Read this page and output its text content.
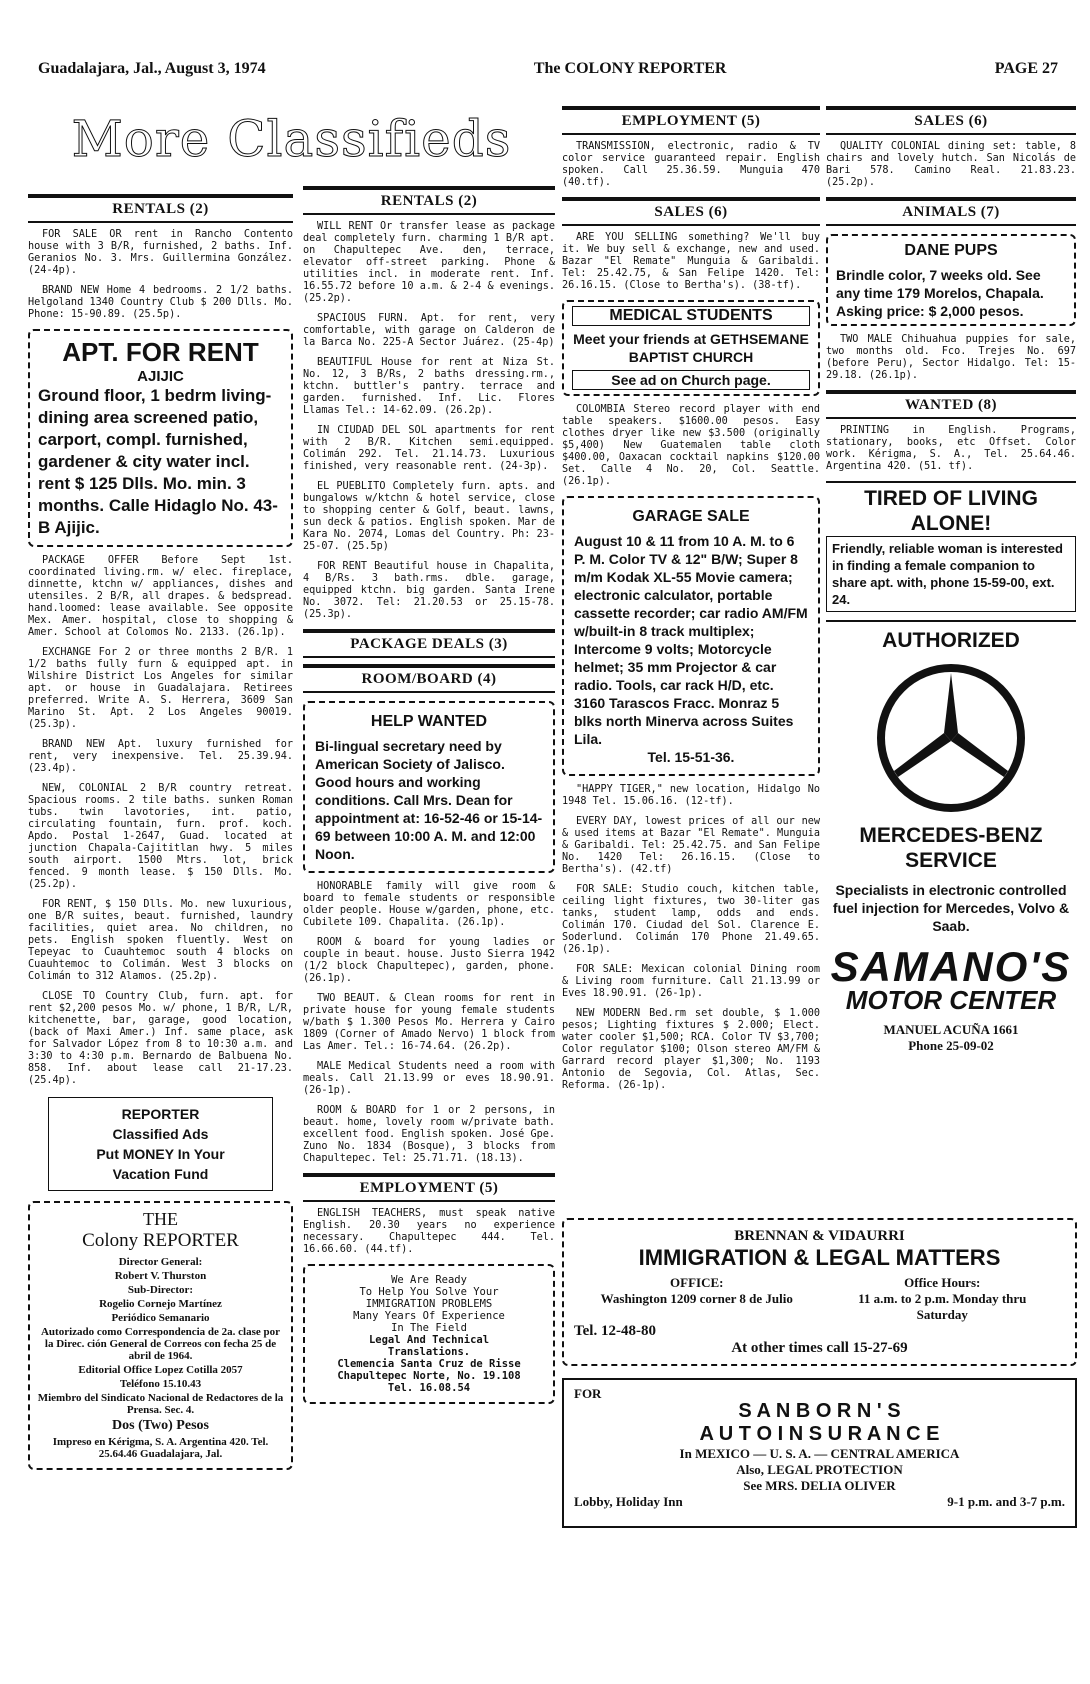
Guadalajara, Jal., August 3, 1974	The COLONY REPORTER	PAGE 27
More Classifieds
RENTALS (2)

FOR SALE OR rent in Rancho Contento house with 3 B/R, furnished, 2 baths. Inf. Geranios No. 3. Mrs. Guillermina González. (24-4p).

BRAND NEW Home 4 bedrooms. 2 1/2 baths. Helgoland 1340 Country Club $ 200 Dlls. Mo. Phone: 15-90.89. (25.5p).

APT. FOR RENT
AJIJIC
Ground floor, 1 bedrm living-dining area screened patio, carport, compl. furnished, gardener & city water incl. rent $ 125 Dlls. Mo. min. 3 months. Calle Hidaglo No. 43-B Ajijic.

PACKAGE OFFER Before Sept 1st. coordinated living.rm. w/ elec. fireplace, dinnette, ktchn w/ appliances, dishes and utensiles. 2 B/R, all drapes. & bedspread. hand.loomed: lease available. See opposite Mex. Amer. hospital, close to shopping & Amer. School at Colomos No. 2133. (26.1p).

EXCHANGE For 2 or three months 2 B/R. 1 1/2 baths fully furn & equipped apt. in Wilshire District Los Angeles for similar apt. or house in Guadalajara. Retirees preferred. Write A. S. Herrera, 3609 San Marino St. Apt. 2 Los Angeles 90019. (25.3p).

BRAND NEW Apt. luxury furnished for rent, very inexpensive. Tel. 25.39.94. (23.4p).

NEW, COLONIAL 2 B/R country retreat. Spacious rooms. 2 tile baths. sunken Roman tubs. twin lavotories, int. patio, circulating fountain, furn. prof. koch. Apdo. Postal 1-2647, Guad. located at junction Chapala-Cajititlan hwy. 5 miles south airport. 1500 Mtrs. lot, brick fenced. 9 month lease. $ 150 Dlls. Mo. (25.2p).

FOR RENT, $ 150 Dlls. Mo. new luxurious, one B/R suites, beaut. furnished, laundry facilities, quiet area. No children, no pets. English spoken fluently. West on Tepeyac to Cuauhtemoc south 4 blocks on Cuauhtemoc to Colimán. West 3 blocks on Colimán to 312 Alamos. (25.2p).

CLOSE TO Country Club, furn. apt. for rent $2,200 pesos Mo. w/ phone, 1 B/R, L/R, kitchenette, bar, garage, good location, (back of Maxi Amer.) Inf. same place, ask for Salvador López from 8 to 10:30 a.m. and 3:30 to 4:30 p.m. Bernardo de Balbuena No. 858. Inf. about lease call 21-17.23. (25.4p).

REPORTER
Classified Ads
Put MONEY In Your
Vacation Fund
THE
Colony REPORTER

Director General:

Robert V. Thurston

Sub-Director:

Rogelio Cornejo Martínez

Periódico Semanario

Autorizado como Correspondencia de 2a. clase por la Direc. ción General de Correos con fecha 25 de abril de 1964.

Editorial Office Lopez Cotilla 2057

Teléfono 15.10.43

Miembro del Sindicato Nacional de Redactores de la Prensa. Sec. 4.

Dos (Two) Pesos

Impreso en Kérigma, S. A. Argentina 420. Tel. 25.64.46 Guadalajara, Jal.

RENTALS (2)

WILL RENT Or transfer lease as package deal completely furn. charming 1 B/R apt. on Chapultepec Ave. den, terrace, elevator off-street parking. Phone & utilities incl. in moderate rent. Inf. 16.55.72 before 10 a.m. & 2-4 & evenings. (25.2p).

SPACIOUS FURN. Apt. for rent, very comfortable, with garage on Calderon de la Barca No. 225-A Sector Juárez. (25-4p)

BEAUTIFUL House for rent at Niza St. No. 12, 3 B/Rs, 2 baths dressing.rm., ktchn. buttler's pantry. terrace and garden. furnished. Inf. Lic. Flores Llamas Tel.: 14-62.09. (26.2p).

IN CIUDAD DEL SOL apartments for rent with 2 B/R. Kitchen semi.equipped. Colimán 292. Tel. 21.14.73. Luxurious finished, very reasonable rent. (24-3p).

EL PUEBLITO Completely furn. apts. and bungalows w/ktchn & hotel service, close to shopping center & Golf, beaut. lawns, sun deck & patios. English spoken. Mar de Kara No. 2074, Lomas del Country. Ph: 23-25-07. (25.5p)

FOR RENT Beautiful house in Chapalita, 4 B/Rs. 3 bath.rms. dble. garage, equipped ktchn. big garden. Santa Irene No. 3072. Tel: 21.20.53 or 25.15-78. (25.3p).

PACKAGE DEALS (3)
ROOM/BOARD (4)
HELP WANTED
Bi-lingual secretary need by American Society of Jalisco. Good hours and working conditions. Call Mrs. Dean for appointment at: 16-52-46 or 15-14-69 between 10:00 A. M. and 12:00 Noon.

HONORABLE family will give room & board to female students or responsible older people. House w/garden, phone, etc. Cubilete 109. Chapalita. (26.1p).

ROOM & board for young ladies or couple in beaut. house. Justo Sierra 1942 (1/2 block Chapultepec), garden, phone. (26.1p).

TWO BEAUT. & Clean rooms for rent in private house for young female students w/bath $ 1.300 Pesos Mo. Herrera y Cairo 1809 (Corner of Amado Nervo) 1 block from Las Amer. Tel.: 16-74.64. (26.2p).

MALE Medical Students need a room with meals. Call 21.13.99 or eves 18.90.91. (26-1p).

ROOM & BOARD for 1 or 2 persons, in beaut. home, lovely room w/private bath. excellent food. English spoken. José Gpe. Zuno No. 1834 (Bosque), 3 blocks from Chapultepec. Tel: 25.71.71. (18.13).

EMPLOYMENT (5)

ENGLISH TEACHERS, must speak native English. 20.30 years no experience necessary. Chapultepec 444. Tel. 16.66.60. (44.tf).

We Are Ready
To Help You Solve Your
IMMIGRATION PROBLEMS
Many Years Of Experience
In The Field
Legal And Technical
Translations.
Clemencia Santa Cruz de Risse
Chapultepec Norte, No. 19.108
Tel. 16.08.54
EMPLOYMENT (5)

TRANSMISSION, electronic, radio & TV color service guaranteed repair. English spoken. Call 25.36.59. Munguia 470 (40.tf).

SALES (6)

ARE YOU SELLING something? We'll buy it. We buy sell & exchange, new and used. Bazar "El Remate" Munguia & Garibaldi. Tel: 25.42.75, & San Felipe 1420. Tel: 26.16.15. (Close to Bertha's). (38-tf).

MEDICAL STUDENTS
Meet your friends at GETHSEMANE BAPTIST CHURCH
See ad on Church page.

COLOMBIA Stereo record player with end table speakers. $1600.00 pesos. Easy clothes dryer like new $3.500 (originally $5,400) New Guatemalen table cloth $400.00, Oaxacan cocktail napkins $120.00 Set. Calle 4 No. 20, Col. Seattle. (26.1p).

GARAGE SALE
August 10 & 11 from 10 A. M. to 6 P. M. Color TV & 12" B/W; Super 8 m/m Kodak XL-55 Movie camera; electronic calculator, portable cassette recorder; car radio AM/FM w/built-in 8 track multiplex; Intercome 9 volts; Motorcycle helmet; 35 mm Projector & car radio. Tools, car rack H/D, etc. 3160 Tarascos Fracc. Monraz 5 blks north Minerva across Suites Lila.
Tel. 15-51-36.

"HAPPY TIGER," new location, Hidalgo No 1948 Tel. 15.06.16. (12-tf).

EVERY DAY, lowest prices of all our new & used items at Bazar "El Remate". Munguia & Garibaldi. Tel: 25.42.75. and San Felipe No. 1420 Tel: 26.16.15. (Close to Bertha's). (42.tf)

FOR SALE: Studio couch, kitchen table, ceiling light fixtures, two 30-liter gas tanks, student lamp, odds and ends. Colimán 170. Ciudad del Sol. Clarence E. Soderlund. Colimán 170 Phone 21.49.65. (26.1p).

FOR SALE: Mexican colonial Dining room & Living room furniture. Call 21.13.99 or Eves 18.90.91. (26-1p).

NEW MODERN Bed.rm set double, $ 1.000 pesos; Lighting fixtures $ 2.000; Elect. water cooler $1,500; RCA. Color TV $3,700; Color regulator $100; Olson stereo AM/FM & Garrard record player $1,300; No. 1193 Antonio de Segovia, Col. Atlas, Sec. Reforma. (26-1p).

SALES (6)

QUALITY COLONIAL dining set: table, 8 chairs and lovely hutch. San Nicolás de Bari 578. Camino Real. 21.83.23. (25.2p).

ANIMALS (7)
DANE PUPS
Brindle color, 7 weeks old. See any time 179 Morelos, Chapala. Asking price: $ 2,000 pesos.

TWO MALE Chihuahua puppies for sale, two months old. Fco. Trejes No. 697 (before Peru), Sector Hidalgo. Tel: 15-29.18. (26.1p).

WANTED (8)

PRINTING in English. Programs, stationary, books, etc Offset. Color work. Kérigma, S. A., Tel. 25.64.46. Argentina 420. (51. tf).

TIRED OF LIVING ALONE!
Friendly, reliable woman is interested in finding a female companion to share apt. with, phone 15-59-00, ext. 24.
AUTHORIZED
MERCEDES-BENZ SERVICE
Specialists in electronic controlled fuel injection for Mercedes, Volvo & Saab.
SAMANO'S
MOTOR CENTER
MANUEL ACUÑA 1661
Phone 25-09-02
BRENNAN & VIDAURRI
IMMIGRATION & LEGAL MATTERS
OFFICE:
Washington 1209 corner 8 de Julio
Office Hours:
11 a.m. to 2 p.m. Monday thru Saturday
Tel. 12-48-80
At other times call 15-27-69
FOR
S A N B O R N ' S
A U T O I N S U R A N C E
In MEXICO — U. S. A. — CENTRAL AMERICA
Also, LEGAL PROTECTION
See MRS. DELIA OLIVER
Lobby, Holiday Inn	9-1 p.m. and 3-7 p.m.
